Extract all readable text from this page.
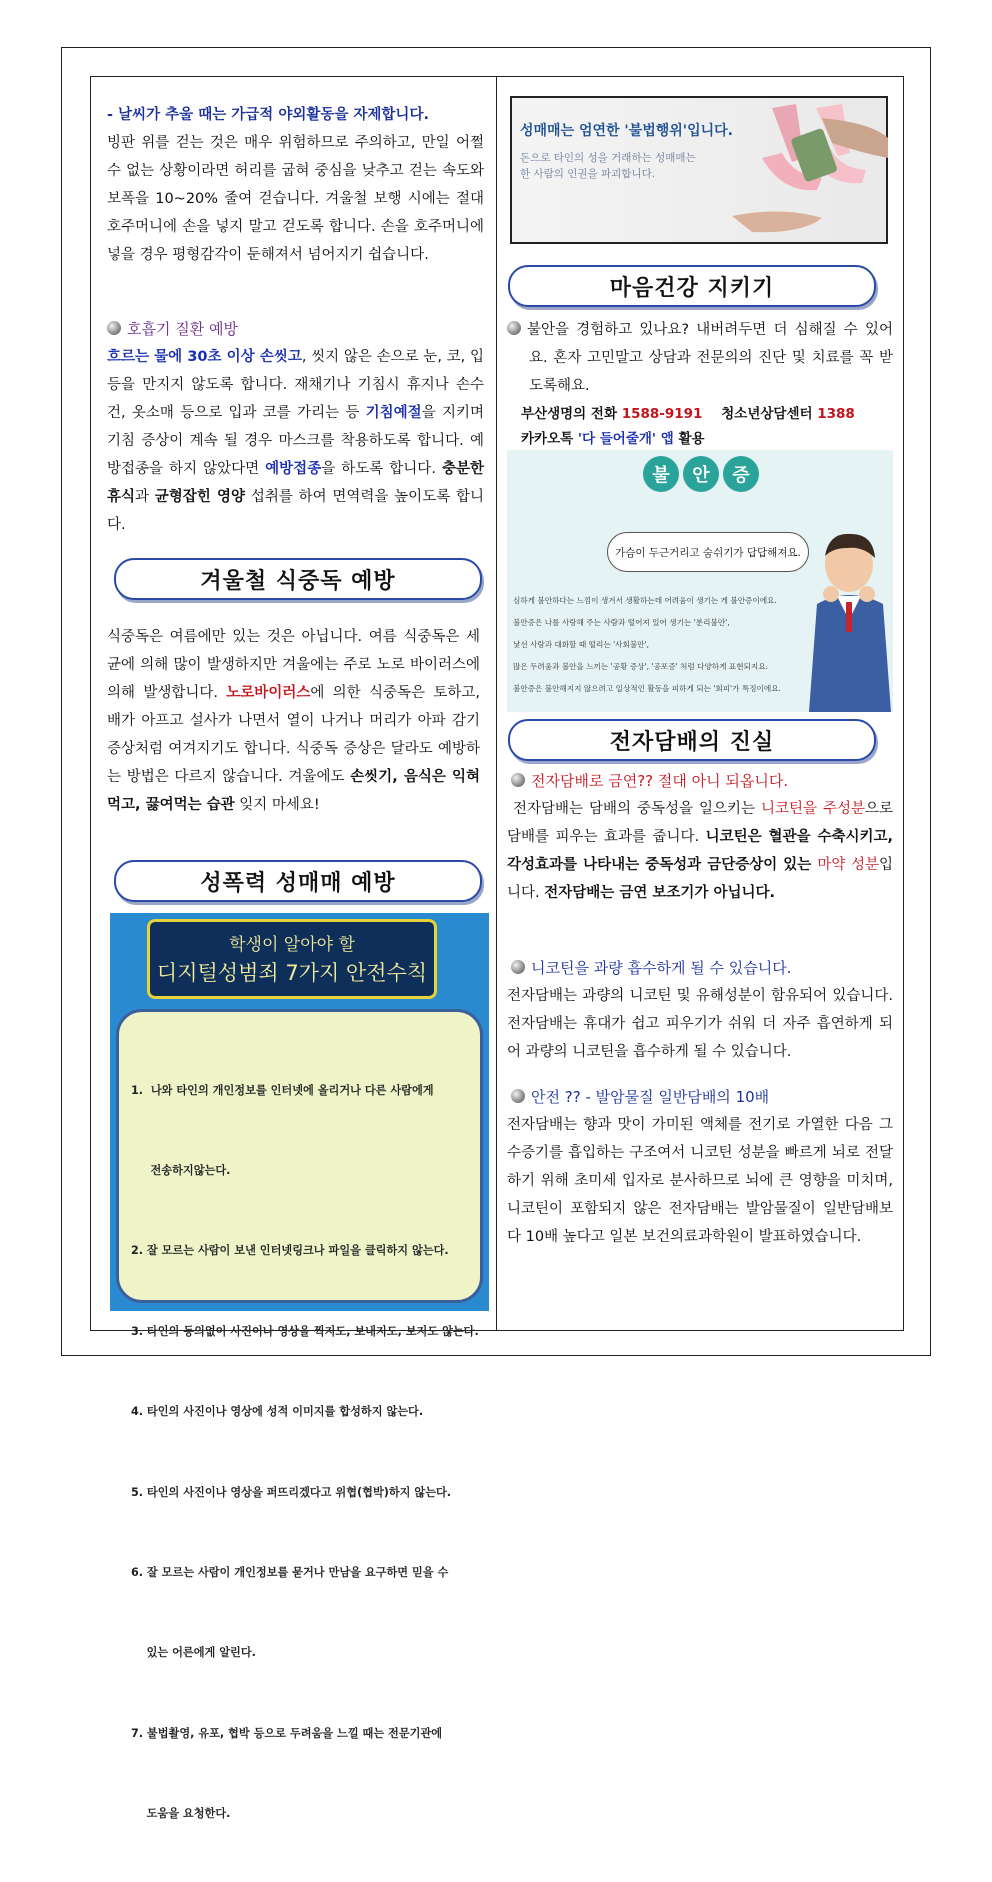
- 날씨가 추울 때는 가급적 야외활동을 자제합니다.
빙판 위를 걷는 것은 매우 위험하므로 주의하고, 만일 어쩔 수 없는 상황이라면 허리를 굽혀 중심을 낮추고 걷는 속도와 보폭을 10~20% 줄여 걷습니다. 겨울철 보행 시에는 절대 호주머니에 손을 넣지 말고 걷도록 합니다. 손을 호주머니에 넣을 경우 평형감각이 둔해져서 넘어지기 쉽습니다.
호흡기 질환 예방
흐르는 물에 30초 이상 손씻고, 씻지 않은 손으로 눈, 코, 입 등을 만지지 않도록 합니다. 재채기나 기침시 휴지나 손수건, 옷소매 등으로 입과 코를 가리는 등 기침예절을 지키며 기침 증상이 계속 될 경우 마스크를 착용하도록 합니다. 예방접종을 하지 않았다면 예방접종을 하도록 합니다. 충분한 휴식과 균형잡힌 영양 섭취를 하여 면역력을 높이도록 합니다.
겨울철 식중독 예방
식중독은 여름에만 있는 것은 아닙니다. 여름 식중독은 세균에 의해 많이 발생하지만 겨울에는 주로 노로 바이러스에 의해 발생합니다. 노로바이러스에 의한 식중독은 토하고, 배가 아프고 설사가 나면서 열이 나거나 머리가 아파 감기 증상처럼 여겨지기도 합니다. 식중독 증상은 달라도 예방하는 방법은 다르지 않습니다. 겨울에도 손씻기, 음식은 익혀 먹고, 끓여먹는 습관 잊지 마세요!
성폭력 성매매 예방
학생이 알아야 할
디지털성범죄 7가지 안전수칙

1.  나와 타인의 개인정보를 인터넷에 올리거나 다른 사람에게

전송하지않는다.

2. 잘 모르는 사람이 보낸 인터넷링크나 파일을 클릭하지 않는다.

3. 타인의 동의없이 사진이나 영상을 찍지도, 보내지도, 보지도 않는다.

4. 타인의 사진이나 영상에 성적 이미지를 합성하지 않는다.

5. 타인의 사진이나 영상을 퍼뜨리겠다고 위협(협박)하지 않는다.

6. 잘 모르는 사람이 개인정보를 묻거나 만남을 요구하면 믿을 수

있는 어른에게 알린다.

7. 불법촬영, 유포, 협박 등으로 두려움을 느낄 때는 전문기관에

도움을 요청한다.

성매매는 엄연한 '불법행위'입니다.
돈으로 타인의 성을 거래하는 성매매는
한 사람의 인권을 파괴합니다.
마음건강 지키기
불안을 경험하고 있나요? 내버려두면 더 심해질 수 있어요. 혼자 고민말고 상담과 전문의의 진단 및 치료를 꼭 받도록해요.
부산생명의 전화 1588-9191    청소년상담센터 1388
카카오톡 '다 들어줄개' 앱 활용
불	안	증
가슴이 두근거리고 숨쉬기가 답답해져요.
심하게 불안하다는 느낌이 생겨서 생활하는데 어려움이 생기는 게 불안증이에요.
불안증은 나를 사랑해 주는 사람과 떨어져 있어 생기는 '분리불안',
낯선 사람과 대화할 때 떨리는 '사회불안',
많은 두려움과 불안을 느끼는 '공황 증상', '공포증' 처럼 다양하게 표현되지요.
불안증은 불안해지지 않으려고 일상적인 활동을 피하게 되는 '회피'가 특징이에요.
전자담배의 진실
전자담배로 금연?? 절대 아니 되옵니다.
전자담배는 담배의 중독성을 일으키는 니코틴을 주성분으로 담배를 피우는 효과를 줍니다. 니코틴은 혈관을 수축시키고, 각성효과를 나타내는 중독성과 금단증상이 있는 마약 성분입니다. 전자담배는 금연 보조기가 아닙니다.
니코틴을 과량 흡수하게 될 수 있습니다.
전자담배는 과량의 니코틴 및 유해성분이 함유되어 있습니다. 전자담배는 휴대가 쉽고 피우기가 쉬워 더 자주 흡연하게 되어 과량의 니코틴을 흡수하게 될 수 있습니다.
안전 ?? - 발암물질 일반담배의 10배
전자담배는 향과 맛이 가미된 액체를 전기로 가열한 다음 그 수증기를 흡입하는 구조여서 니코틴 성분을 빠르게 뇌로 전달하기 위해 초미세 입자로 분사하므로 뇌에 큰 영향을 미치며, 니코틴이 포함되지 않은 전자담배는 발암물질이 일반담배보다 10배 높다고 일본 보건의료과학원이 발표하였습니다.
